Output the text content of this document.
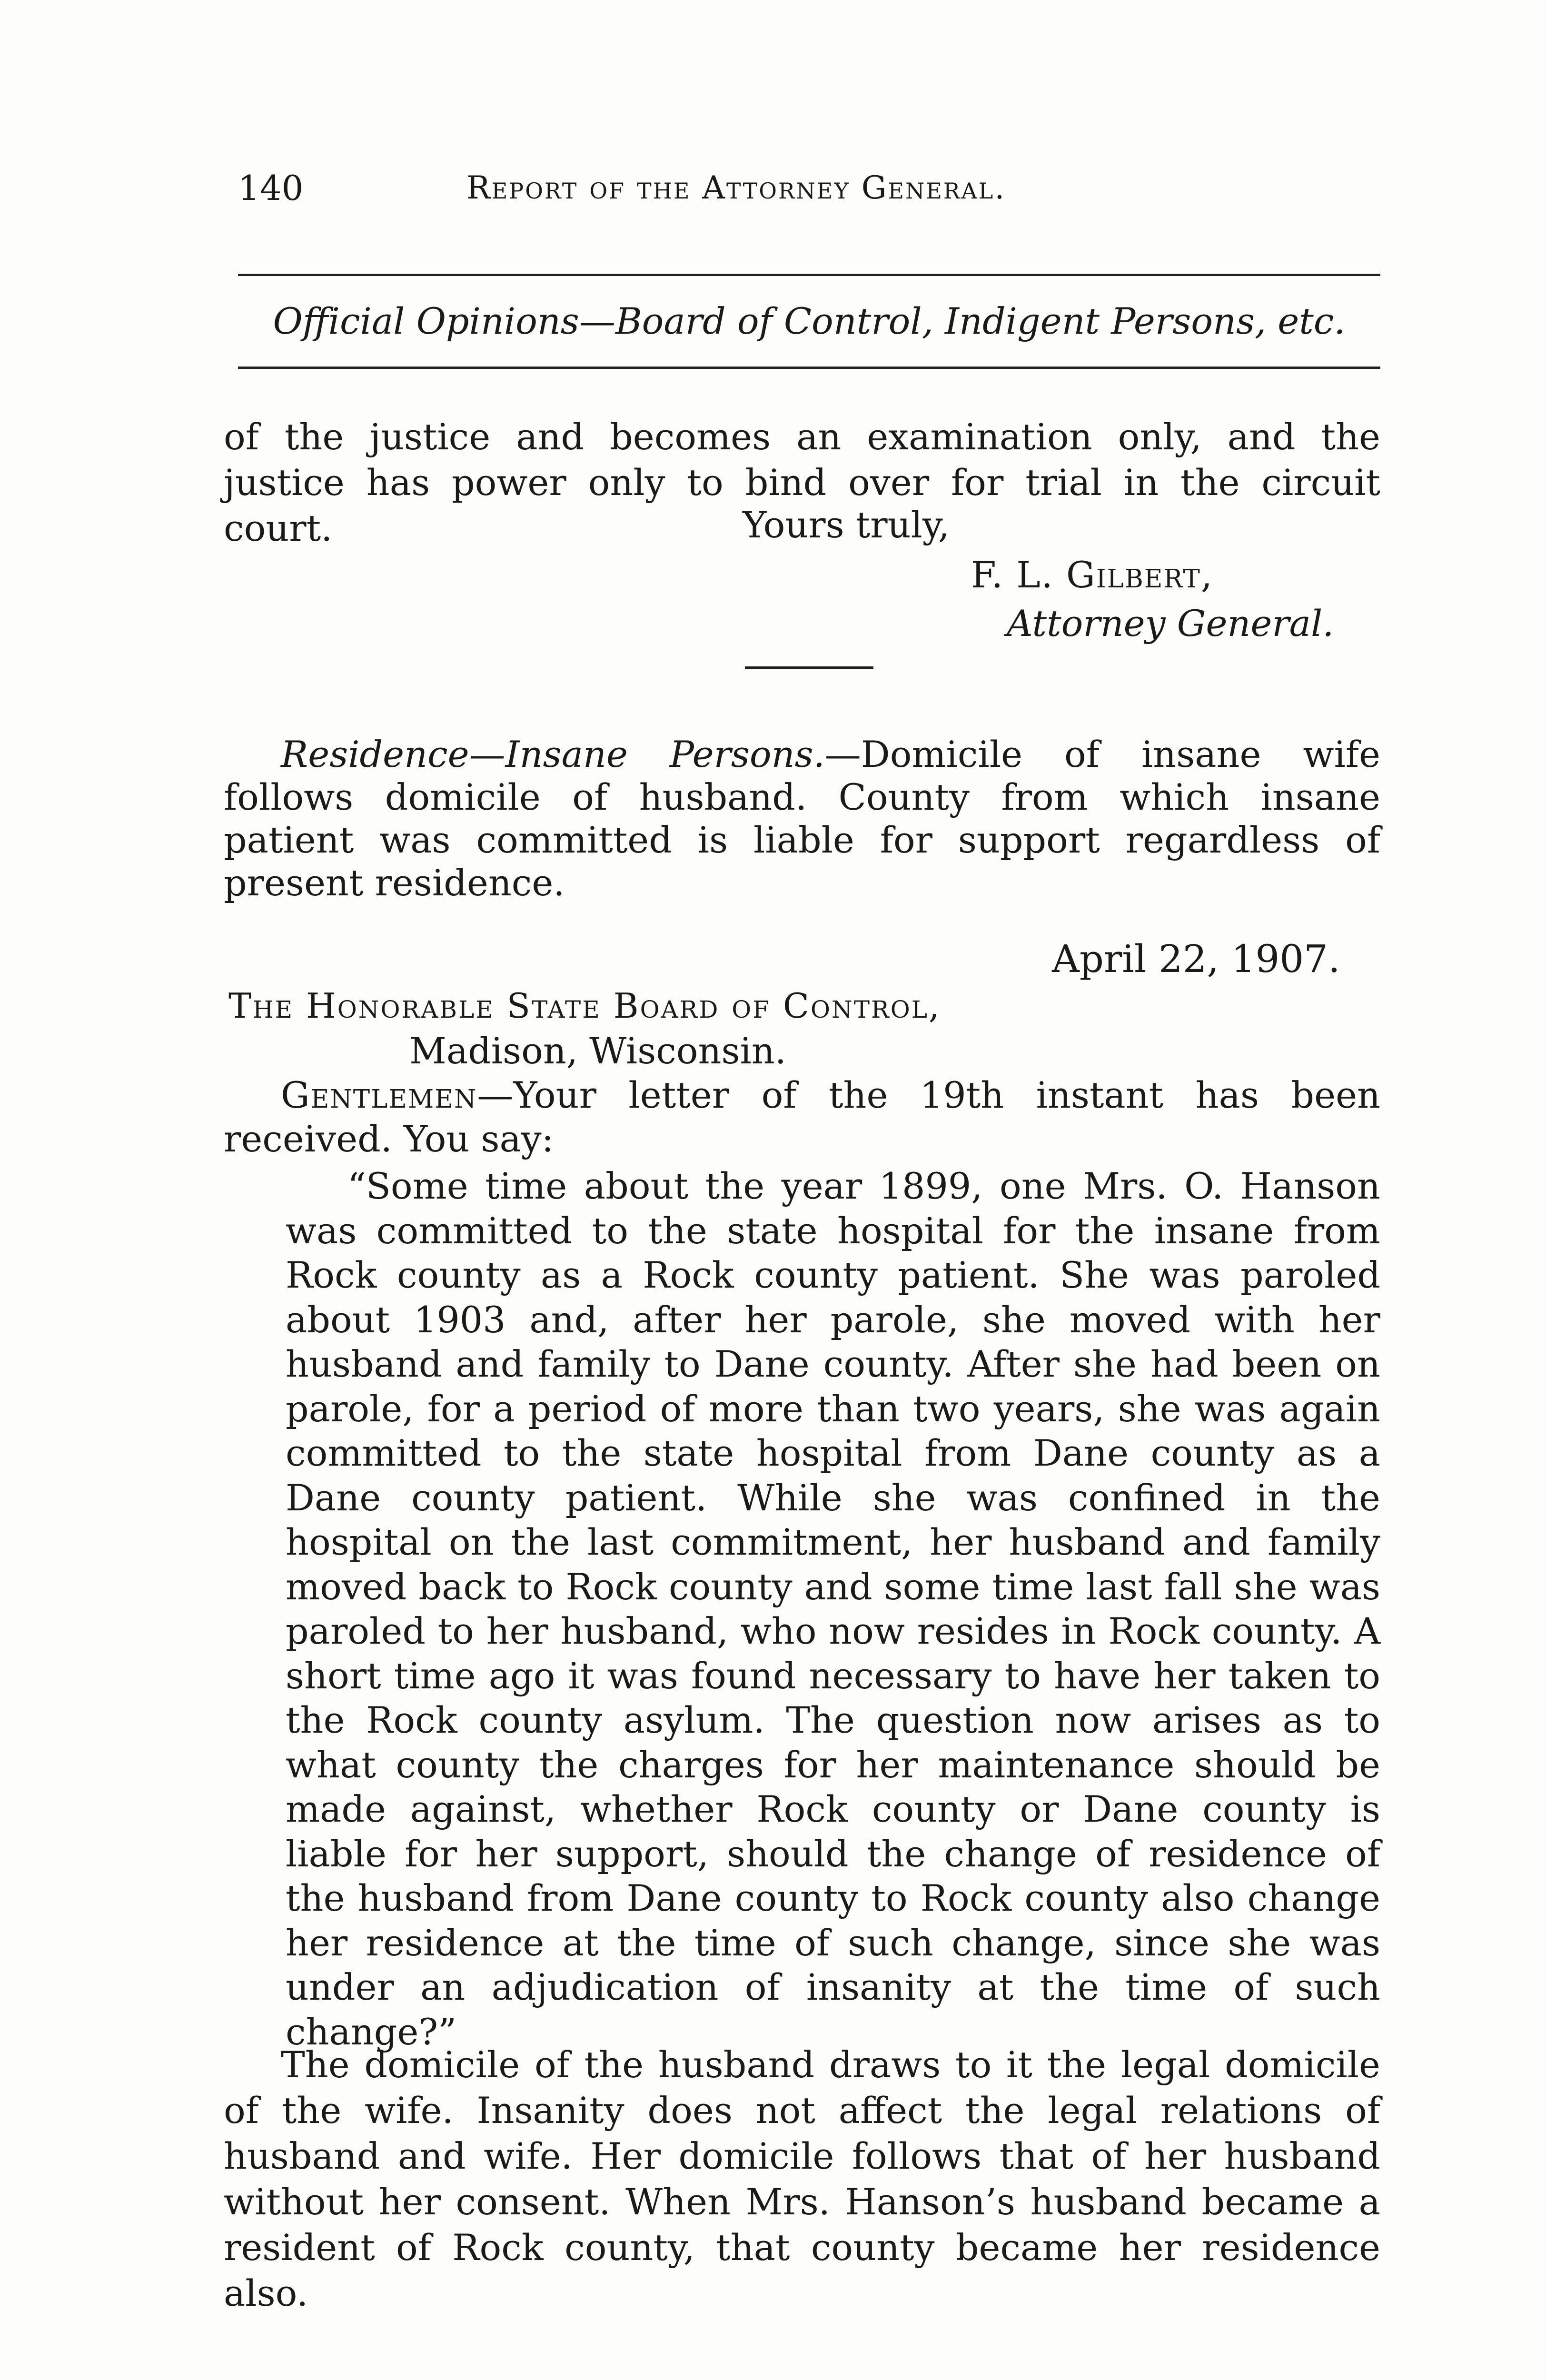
140	Report of the Attorney General.
Official Opinions—Board of Control, Indigent Persons, etc.

of the justice and becomes an examination only, and the justice has power only to bind over for trial in the circuit court.	Yours truly,
F. L. Gilbert,
Attorney General.

Residence—Insane Persons.—Domicile of insane wife follows domicile of husband. County from which insane patient was committed is liable for support regardless of present residence.

April 22, 1907.
The Honorable State Board of Control,
Madison, Wisconsin.

Gentlemen—Your letter of the 19th instant has been received. You say:

“Some time about the year 1899, one Mrs. O. Hanson was committed to the state hospital for the insane from Rock county as a Rock county patient. She was paroled about 1903 and, after her parole, she moved with her husband and family to Dane county. After she had been on parole, for a period of more than two years, she was again committed to the state hospital from Dane county as a Dane county patient. While she was confined in the hospital on the last commitment, her husband and family moved back to Rock county and some time last fall she was paroled to her husband, who now resides in Rock county. A short time ago it was found necessary to have her taken to the Rock county asylum. The question now arises as to what county the charges for her maintenance should be made against, whether Rock county or Dane county is liable for her support, should the change of residence of the husband from Dane county to Rock county also change her residence at the time of such change, since she was under an adjudication of insanity at the time of such change?”

The domicile of the husband draws to it the legal domicile of the wife. Insanity does not affect the legal relations of husband and wife. Her domicile follows that of her husband without her consent. When Mrs. Hanson’s husband became a resident of Rock county, that county became her residence also.
